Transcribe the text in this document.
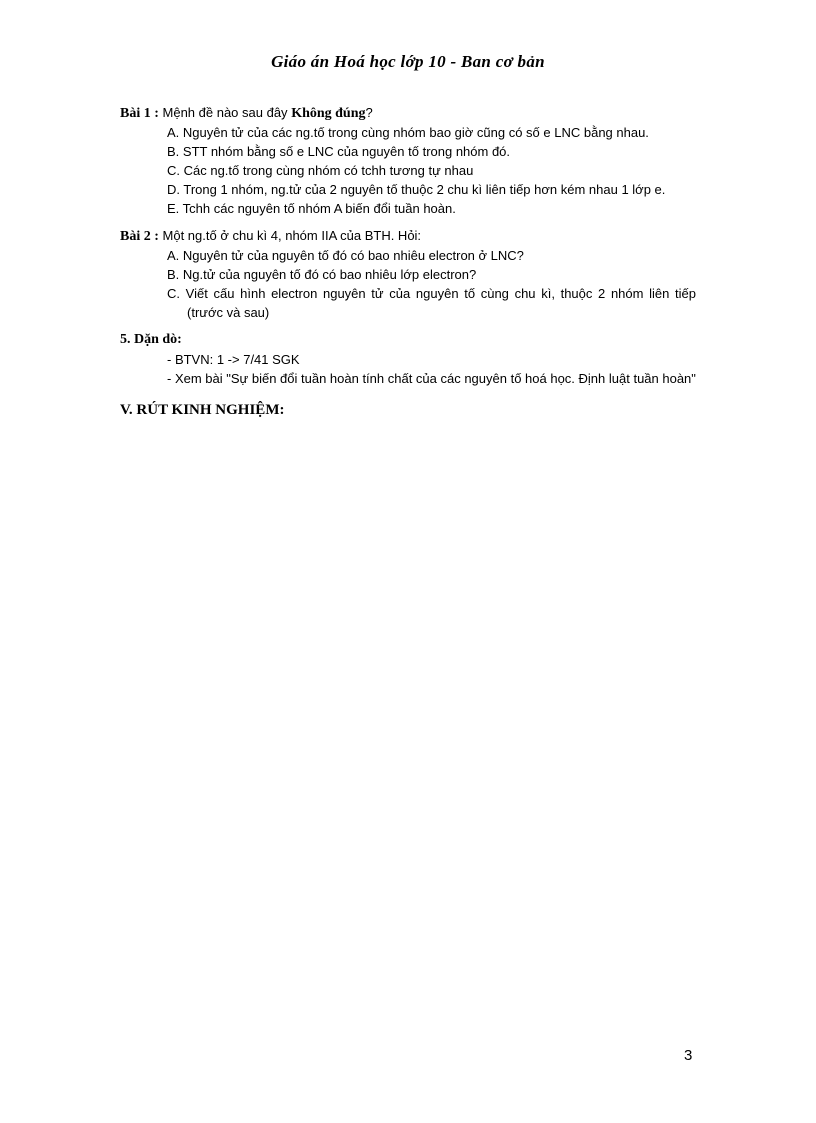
Giáo án Hoá học lớp 10 - Ban cơ bản
Bài 1 : Mệnh đề nào sau đây Không đúng?
A. Nguyên tử của các ng.tố trong cùng nhóm bao giờ cũng có số e LNC bằng nhau.
B. STT nhóm bằng số e LNC của nguyên tố trong nhóm đó.
C. Các ng.tố trong cùng nhóm có tchh tương tự nhau
D. Trong 1 nhóm, ng.tử của 2 nguyên tố thuộc 2 chu kì liên tiếp hơn kém nhau 1 lớp e.
E. Tchh các nguyên tố nhóm A biến đổi tuần hoàn.
Bài 2 : Một ng.tố ở chu kì 4, nhóm IIA của BTH. Hỏi:
A. Nguyên tử của nguyên tố đó có bao nhiêu electron ở LNC?
B. Ng.tử của nguyên tố đó có bao nhiêu lớp electron?
C. Viết cấu hình electron nguyên tử của nguyên tố cùng chu kì, thuộc 2 nhóm liên tiếp (trước và sau)
5. Dặn dò:
- BTVN: 1 -> 7/41 SGK
- Xem bài "Sự biến đổi tuần hoàn tính chất của các nguyên tố hoá học. Định luật tuần hoàn"
V. RÚT KINH NGHIỆM:
3
